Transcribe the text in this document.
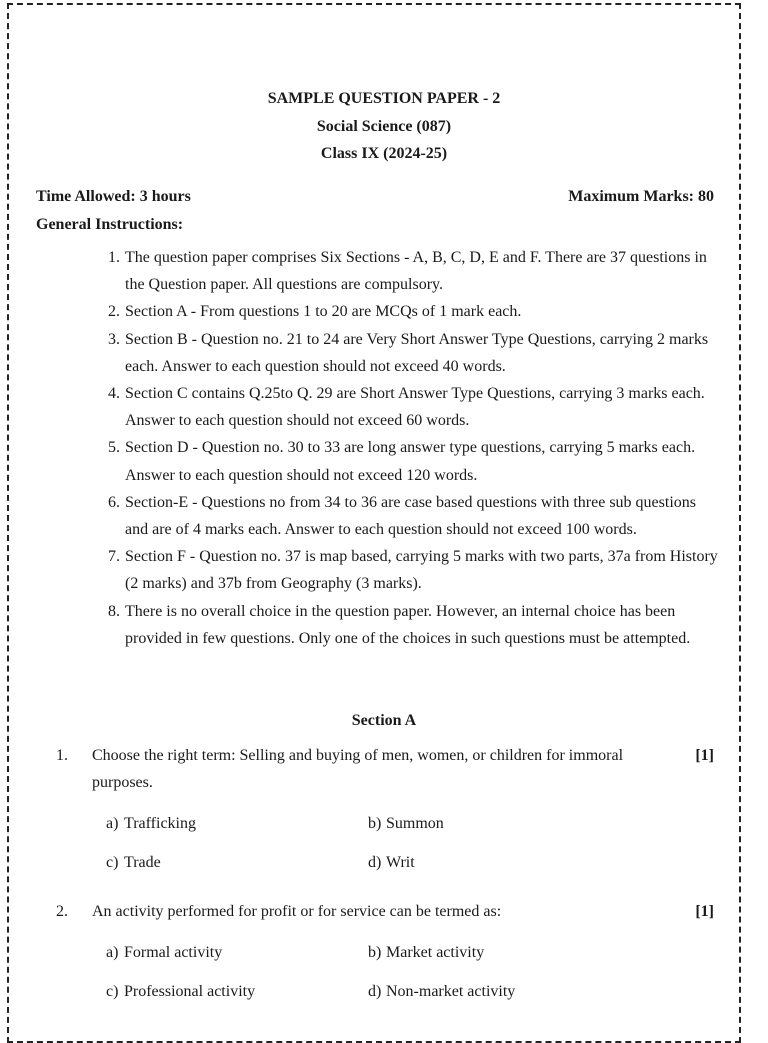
SAMPLE QUESTION PAPER - 2
Social Science (087)
Class IX (2024-25)
Time Allowed: 3 hours	Maximum Marks: 80
General Instructions:
1. The question paper comprises Six Sections - A, B, C, D, E and F. There are 37 questions in the Question paper. All questions are compulsory.
2. Section A - From questions 1 to 20 are MCQs of 1 mark each.
3. Section B - Question no. 21 to 24 are Very Short Answer Type Questions, carrying 2 marks each. Answer to each question should not exceed 40 words.
4. Section C contains Q.25to Q. 29 are Short Answer Type Questions, carrying 3 marks each. Answer to each question should not exceed 60 words.
5. Section D - Question no. 30 to 33 are long answer type questions, carrying 5 marks each. Answer to each question should not exceed 120 words.
6. Section-E - Questions no from 34 to 36 are case based questions with three sub questions and are of 4 marks each. Answer to each question should not exceed 100 words.
7. Section F - Question no. 37 is map based, carrying 5 marks with two parts, 37a from History (2 marks) and 37b from Geography (3 marks).
8. There is no overall choice in the question paper. However, an internal choice has been provided in few questions. Only one of the choices in such questions must be attempted.
Section A
1. Choose the right term: Selling and buying of men, women, or children for immoral purposes.
[1]
a) Trafficking	b) Summon
c) Trade	d) Writ
2. An activity performed for profit or for service can be termed as:	[1]
a) Formal activity	b) Market activity
c) Professional activity	d) Non-market activity
